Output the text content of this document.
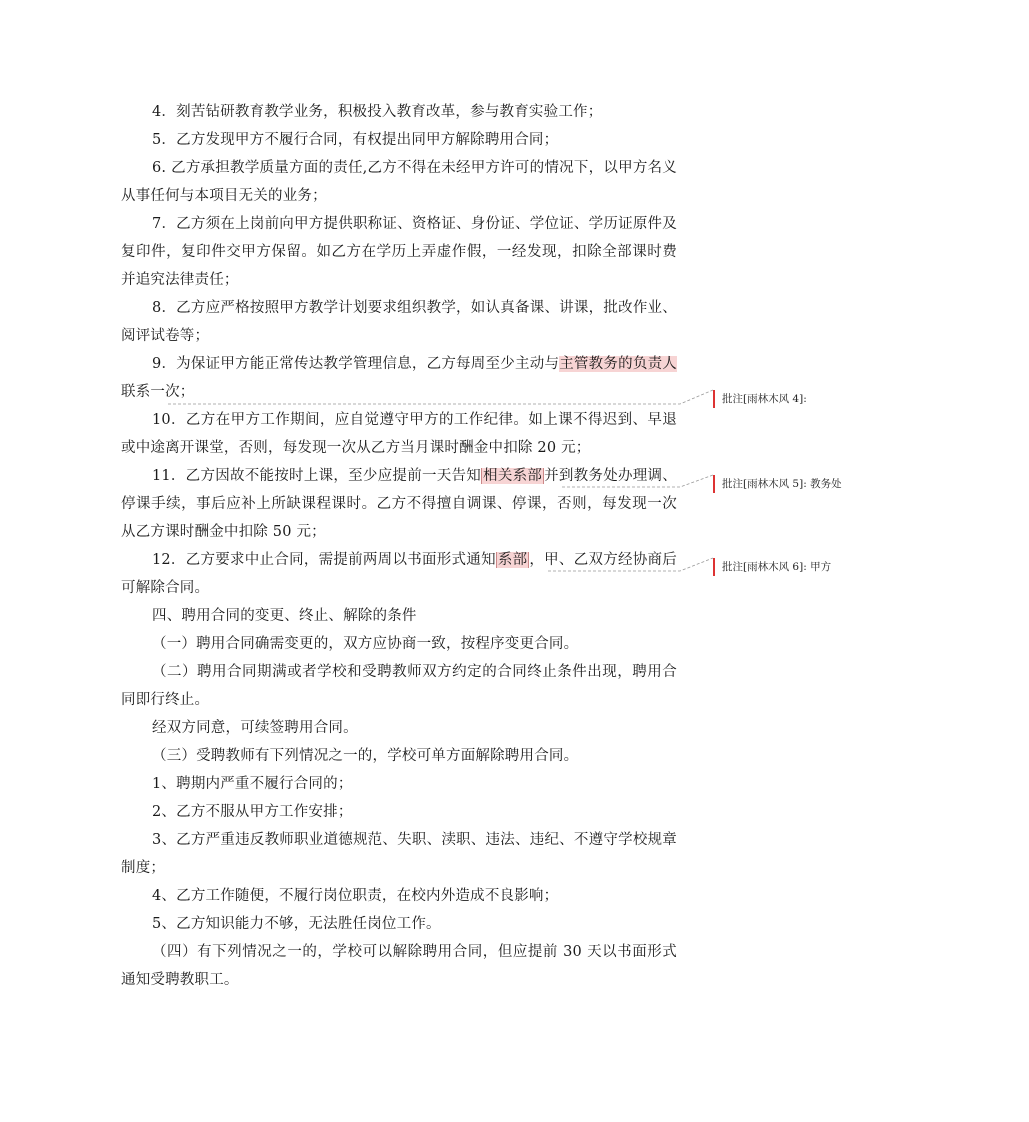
4．刻苦钻研教育教学业务，积极投入教育改革，参与教育实验工作；

5．乙方发现甲方不履行合同，有权提出同甲方解除聘用合同；

6. 乙方承担教学质量方面的责任,乙方不得在未经甲方许可的情况下，以甲方名义从事任何与本项目无关的业务；

7．乙方须在上岗前向甲方提供职称证、资格证、身份证、学位证、学历证原件及复印件，复印件交甲方保留。如乙方在学历上弄虚作假，一经发现，扣除全部课时费并追究法律责任；

8．乙方应严格按照甲方教学计划要求组织教学，如认真备课、讲课，批改作业、阅评试卷等；

9．为保证甲方能正常传达教学管理信息，乙方每周至少主动与主管教务的负责人联系一次；

10．乙方在甲方工作期间，应自觉遵守甲方的工作纪律。如上课不得迟到、早退或中途离开课堂，否则，每发现一次从乙方当月课时酬金中扣除 20 元；

11．乙方因故不能按时上课，至少应提前一天告知 相关系部 并到教务处办理调、停课手续，事后应补上所缺课程课时。乙方不得擅自调课、停课，否则，每发现一次从乙方课时酬金中扣除 50 元；

12．乙方要求中止合同，需提前两周以书面形式通知 系部 ，甲、乙双方经协商后可解除合同。

四、聘用合同的变更、终止、解除的条件

（一）聘用合同确需变更的，双方应协商一致，按程序变更合同。

（二）聘用合同期满或者学校和受聘教师双方约定的合同终止条件出现，聘用合同即行终止。

经双方同意，可续签聘用合同。

（三）受聘教师有下列情况之一的，学校可单方面解除聘用合同。

1、聘期内严重不履行合同的；

2、乙方不服从甲方工作安排；

3、乙方严重违反教师职业道德规范、失职、渎职、违法、违纪、不遵守学校规章制度；

4、乙方工作随便，不履行岗位职责，在校内外造成不良影响；

5、乙方知识能力不够，无法胜任岗位工作。

（四）有下列情况之一的，学校可以解除聘用合同，但应提前 30 天以书面形式通知受聘教职工。

批注[雨林木风 4]:
批注[雨林木风 5]:
教务处
批注[雨林木风 6]:
甲方
